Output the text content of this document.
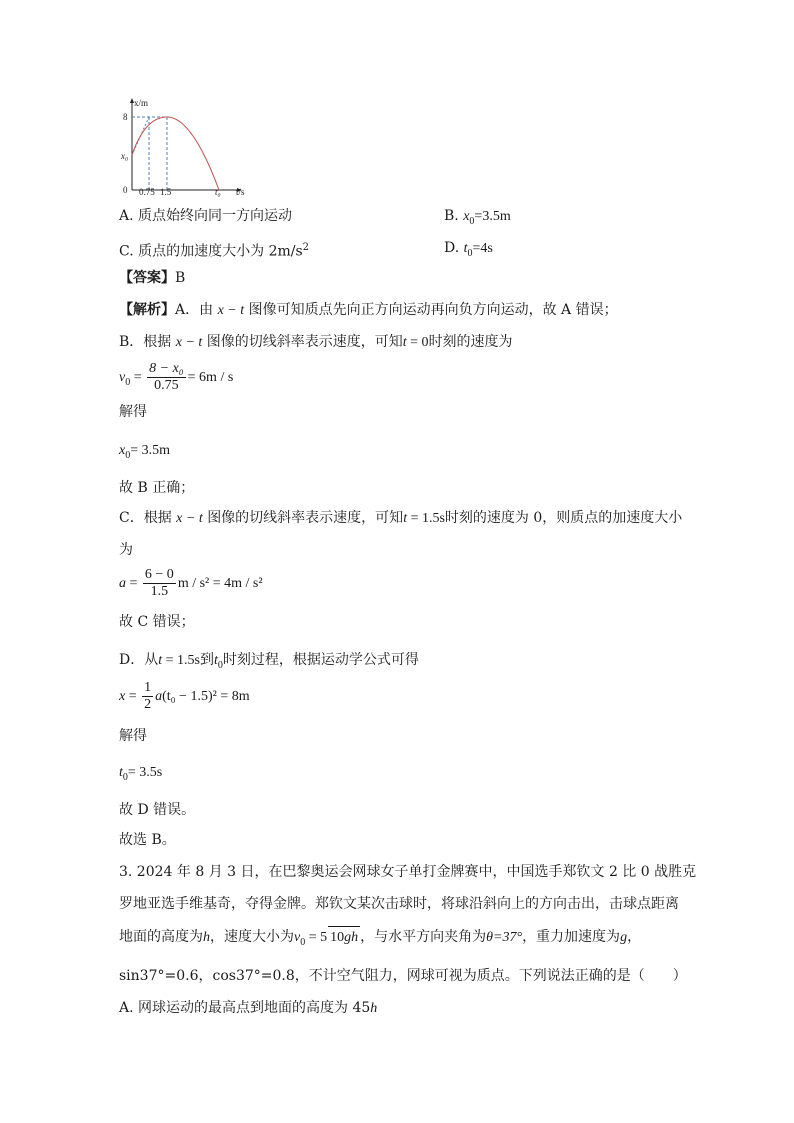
x/m
t/s
0
8
x₀
0.75 1.5	t₀
A. 质点始终向同一方向运动	B. $x_0=3.5m$
C. 质点的加速度大小为 $2m/s^2$	D. $t_0=4s$
【答案】B
【解析】A．由 x − t 图像可知质点先向正方向运动再向负方向运动，故 A 错误；
B．根据 x − t 图像的切线斜率表示速度，可知t = 0时刻的速度为
$v_0 = \frac{\text{8 − x₀}}{0.75} = 6m / s$
解得
$x_0= 3.5m$
故 B 正确；
C．根据 x − t 图像的切线斜率表示速度，可知t = 1.5s时刻的速度为 0，则质点的加速度大小
为
$a = \frac{6 - 0}{1.5}$ m / s² = 4m / s²
故 C 错误；
D．从t = 1.5s到$t_0$时刻过程，根据运动学公式可得
$x = \frac{1}{2} a(t_0 - 1.5)^2 = 8m$
解得
$t_0= 3.5s$
故 D 错误。
故选 B。
3. 2024 年 8 月 3 日，在巴黎奥运会网球女子单打金牌赛中，中国选手郑钦文 2 比 0 战胜克
罗地亚选手维基奇，夺得金牌。郑钦文某次击球时，将球沿斜向上的方向击出，击球点距离
地面的高度为h，速度大小为$v_0 = 5$ 10gh ，与水平方向夹角为θ=37°，重力加速度为g，
sin37°=0.6，cos37°=0.8，不计空气阻力，网球可视为质点。下列说法正确的是（　　）
A. 网球运动的最高点到地面的高度为 45h
